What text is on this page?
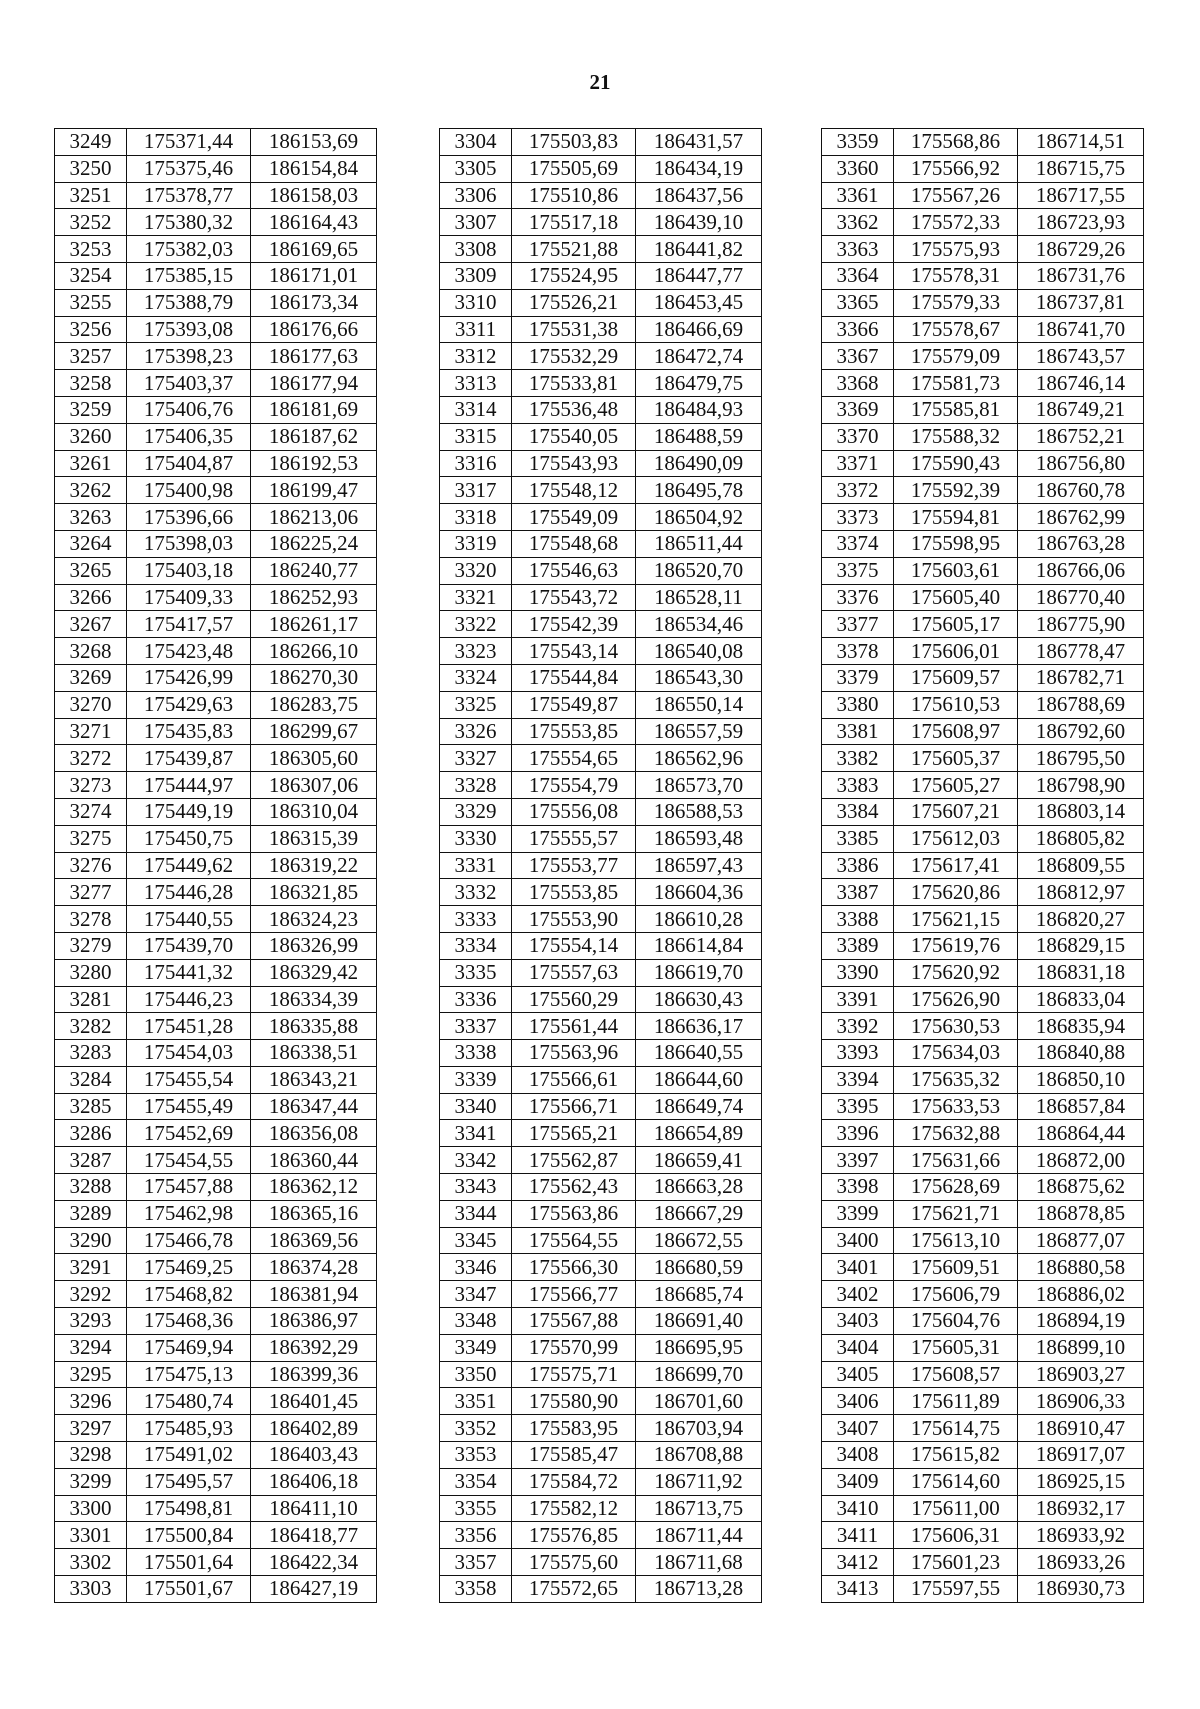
21
3249	175371,44	186153,69
3250	175375,46	186154,84
3251	175378,77	186158,03
3252	175380,32	186164,43
3253	175382,03	186169,65
3254	175385,15	186171,01
3255	175388,79	186173,34
3256	175393,08	186176,66
3257	175398,23	186177,63
3258	175403,37	186177,94
3259	175406,76	186181,69
3260	175406,35	186187,62
3261	175404,87	186192,53
3262	175400,98	186199,47
3263	175396,66	186213,06
3264	175398,03	186225,24
3265	175403,18	186240,77
3266	175409,33	186252,93
3267	175417,57	186261,17
3268	175423,48	186266,10
3269	175426,99	186270,30
3270	175429,63	186283,75
3271	175435,83	186299,67
3272	175439,87	186305,60
3273	175444,97	186307,06
3274	175449,19	186310,04
3275	175450,75	186315,39
3276	175449,62	186319,22
3277	175446,28	186321,85
3278	175440,55	186324,23
3279	175439,70	186326,99
3280	175441,32	186329,42
3281	175446,23	186334,39
3282	175451,28	186335,88
3283	175454,03	186338,51
3284	175455,54	186343,21
3285	175455,49	186347,44
3286	175452,69	186356,08
3287	175454,55	186360,44
3288	175457,88	186362,12
3289	175462,98	186365,16
3290	175466,78	186369,56
3291	175469,25	186374,28
3292	175468,82	186381,94
3293	175468,36	186386,97
3294	175469,94	186392,29
3295	175475,13	186399,36
3296	175480,74	186401,45
3297	175485,93	186402,89
3298	175491,02	186403,43
3299	175495,57	186406,18
3300	175498,81	186411,10
3301	175500,84	186418,77
3302	175501,64	186422,34
3303	175501,67	186427,19
3304	175503,83	186431,57
3305	175505,69	186434,19
3306	175510,86	186437,56
3307	175517,18	186439,10
3308	175521,88	186441,82
3309	175524,95	186447,77
3310	175526,21	186453,45
3311	175531,38	186466,69
3312	175532,29	186472,74
3313	175533,81	186479,75
3314	175536,48	186484,93
3315	175540,05	186488,59
3316	175543,93	186490,09
3317	175548,12	186495,78
3318	175549,09	186504,92
3319	175548,68	186511,44
3320	175546,63	186520,70
3321	175543,72	186528,11
3322	175542,39	186534,46
3323	175543,14	186540,08
3324	175544,84	186543,30
3325	175549,87	186550,14
3326	175553,85	186557,59
3327	175554,65	186562,96
3328	175554,79	186573,70
3329	175556,08	186588,53
3330	175555,57	186593,48
3331	175553,77	186597,43
3332	175553,85	186604,36
3333	175553,90	186610,28
3334	175554,14	186614,84
3335	175557,63	186619,70
3336	175560,29	186630,43
3337	175561,44	186636,17
3338	175563,96	186640,55
3339	175566,61	186644,60
3340	175566,71	186649,74
3341	175565,21	186654,89
3342	175562,87	186659,41
3343	175562,43	186663,28
3344	175563,86	186667,29
3345	175564,55	186672,55
3346	175566,30	186680,59
3347	175566,77	186685,74
3348	175567,88	186691,40
3349	175570,99	186695,95
3350	175575,71	186699,70
3351	175580,90	186701,60
3352	175583,95	186703,94
3353	175585,47	186708,88
3354	175584,72	186711,92
3355	175582,12	186713,75
3356	175576,85	186711,44
3357	175575,60	186711,68
3358	175572,65	186713,28
3359	175568,86	186714,51
3360	175566,92	186715,75
3361	175567,26	186717,55
3362	175572,33	186723,93
3363	175575,93	186729,26
3364	175578,31	186731,76
3365	175579,33	186737,81
3366	175578,67	186741,70
3367	175579,09	186743,57
3368	175581,73	186746,14
3369	175585,81	186749,21
3370	175588,32	186752,21
3371	175590,43	186756,80
3372	175592,39	186760,78
3373	175594,81	186762,99
3374	175598,95	186763,28
3375	175603,61	186766,06
3376	175605,40	186770,40
3377	175605,17	186775,90
3378	175606,01	186778,47
3379	175609,57	186782,71
3380	175610,53	186788,69
3381	175608,97	186792,60
3382	175605,37	186795,50
3383	175605,27	186798,90
3384	175607,21	186803,14
3385	175612,03	186805,82
3386	175617,41	186809,55
3387	175620,86	186812,97
3388	175621,15	186820,27
3389	175619,76	186829,15
3390	175620,92	186831,18
3391	175626,90	186833,04
3392	175630,53	186835,94
3393	175634,03	186840,88
3394	175635,32	186850,10
3395	175633,53	186857,84
3396	175632,88	186864,44
3397	175631,66	186872,00
3398	175628,69	186875,62
3399	175621,71	186878,85
3400	175613,10	186877,07
3401	175609,51	186880,58
3402	175606,79	186886,02
3403	175604,76	186894,19
3404	175605,31	186899,10
3405	175608,57	186903,27
3406	175611,89	186906,33
3407	175614,75	186910,47
3408	175615,82	186917,07
3409	175614,60	186925,15
3410	175611,00	186932,17
3411	175606,31	186933,92
3412	175601,23	186933,26
3413	175597,55	186930,73
